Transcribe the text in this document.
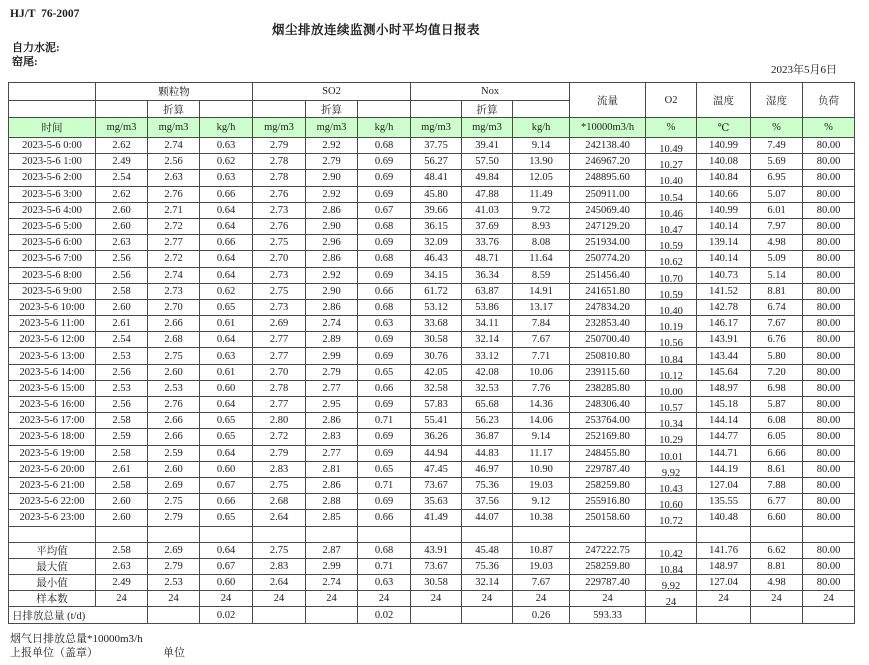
HJ/T  76-2007
烟尘排放连续监测小时平均值日报表
自力水泥:
窑尾:
2023年5月6日
	颗粒物			SO2			Nox			流量	O2	温度	湿度	负荷
		折算			折算			折算						
时间	mg/m3	mg/m3	kg/h	mg/m3	mg/m3	kg/h	mg/m3	mg/m3	kg/h	*10000m3/h	%	℃	%	%
2023-5-6 0:00	2.62	2.74	0.63	2.79	2.92	0.68	37.75	39.41	9.14	242138.40	10.49	140.99	7.49	80.00
2023-5-6 1:00	2.49	2.56	0.62	2.78	2.79	0.69	56.27	57.50	13.90	246967.20	10.27	140.08	5.69	80.00
2023-5-6 2:00	2.54	2.63	0.63	2.78	2.90	0.69	48.41	49.84	12.05	248895.60	10.40	140.84	6.95	80.00
2023-5-6 3:00	2.62	2.76	0.66	2.76	2.92	0.69	45.80	47.88	11.49	250911.00	10.54	140.66	5.07	80.00
2023-5-6 4:00	2.60	2.71	0.64	2.73	2.86	0.67	39.66	41.03	9.72	245069.40	10.46	140.99	6.01	80.00
2023-5-6 5:00	2.60	2.72	0.64	2.76	2.90	0.68	36.15	37.69	8.93	247129.20	10.47	140.14	7.97	80.00
2023-5-6 6:00	2.63	2.77	0.66	2.75	2.96	0.69	32.09	33.76	8.08	251934.00	10.59	139.14	4.98	80.00
2023-5-6 7:00	2.56	2.72	0.64	2.70	2.86	0.68	46.43	48.71	11.64	250774.20	10.62	140.14	5.09	80.00
2023-5-6 8:00	2.56	2.74	0.64	2.73	2.92	0.69	34.15	36.34	8.59	251456.40	10.70	140.73	5.14	80.00
2023-5-6 9:00	2.58	2.73	0.62	2.75	2.90	0.66	61.72	63.87	14.91	241651.80	10.59	141.52	8.81	80.00
2023-5-6 10:00	2.60	2.70	0.65	2.73	2.86	0.68	53.12	53.86	13.17	247834.20	10.40	142.78	6.74	80.00
2023-5-6 11:00	2.61	2.66	0.61	2.69	2.74	0.63	33.68	34.11	7.84	232853.40	10.19	146.17	7.67	80.00
2023-5-6 12:00	2.54	2.68	0.64	2.77	2.89	0.69	30.58	32.14	7.67	250700.40	10.56	143.91	6.76	80.00
2023-5-6 13:00	2.53	2.75	0.63	2.77	2.99	0.69	30.76	33.12	7.71	250810.80	10.84	143.44	5.80	80.00
2023-5-6 14:00	2.56	2.60	0.61	2.70	2.79	0.65	42.05	42.08	10.06	239115.60	10.12	145.64	7.20	80.00
2023-5-6 15:00	2.53	2.53	0.60	2.78	2.77	0.66	32.58	32.53	7.76	238285.80	10.00	148.97	6.98	80.00
2023-5-6 16:00	2.56	2.76	0.64	2.77	2.95	0.69	57.83	65.68	14.36	248306.40	10.57	145.18	5.87	80.00
2023-5-6 17:00	2.58	2.66	0.65	2.80	2.86	0.71	55.41	56.23	14.06	253764.00	10.34	144.14	6.08	80.00
2023-5-6 18:00	2.59	2.66	0.65	2.72	2.83	0.69	36.26	36.87	9.14	252169.80	10.29	144.77	6.05	80.00
2023-5-6 19:00	2.58	2.59	0.64	2.79	2.77	0.69	44.94	44.83	11.17	248455.80	10.01	144.71	6.66	80.00
2023-5-6 20:00	2.61	2.60	0.60	2.83	2.81	0.65	47.45	46.97	10.90	229787.40	9.92	144.19	8.61	80.00
2023-5-6 21:00	2.58	2.69	0.67	2.75	2.86	0.71	73.67	75.36	19.03	258259.80	10.43	127.04	7.88	80.00
2023-5-6 22:00	2.60	2.75	0.66	2.68	2.88	0.69	35.63	37.56	9.12	255916.80	10.60	135.55	6.77	80.00
2023-5-6 23:00	2.60	2.79	0.65	2.64	2.85	0.66	41.49	44.07	10.38	250158.60	10.72	140.48	6.60	80.00

平均值	2.58	2.69	0.64	2.75	2.87	0.68	43.91	45.48	10.87	247222.75	10.42	141.76	6.62	80.00
最大值	2.63	2.79	0.67	2.83	2.99	0.71	73.67	75.36	19.03	258259.80	10.84	148.97	8.81	80.00
最小值	2.49	2.53	0.60	2.64	2.74	0.63	30.58	32.14	7.67	229787.40	9.92	127.04	4.98	80.00
样本数	24	24	24	24	24	24	24	24	24	24	24	24	24	24
日排放总量 (t/d)			0.02			0.02			0.26	593.33				
烟气日排放总量*10000m3/h
上报单位（盖章）	单位
